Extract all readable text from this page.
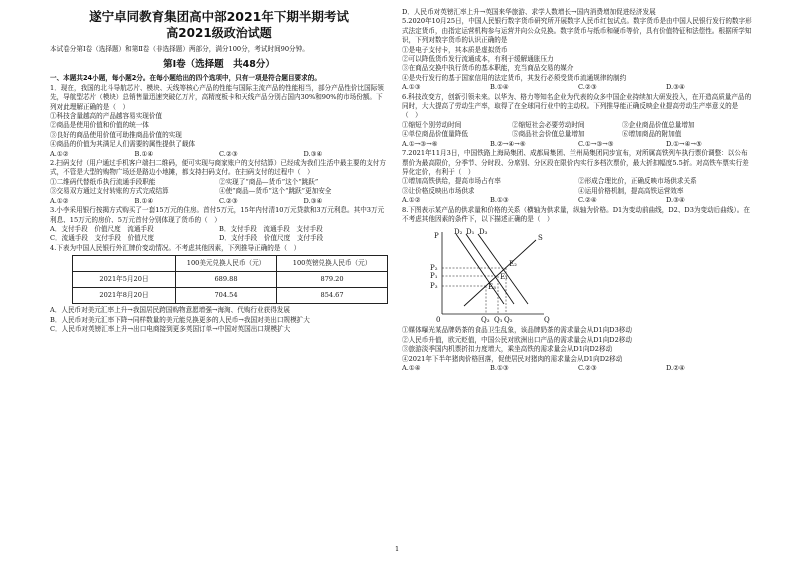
遂宁卓同教育集团高中部2021年下期半期考试
高2021级政治试题

本试卷分第Ⅰ卷（选择题）和第Ⅱ卷（非选择题）两部分，满分100分，考试时间90分钟。

第Ⅰ卷（选择题　共48分）

一、本题共24小题，每小题2分。在每小题给出的四个选项中，只有一项是符合题目要求的。

1．现在，我国的北斗导航芯片、模块、天线等核心产品的性能与国际主流产品的性能相当，部分产品性价比国际领先，导航型芯片（模块）总销售量迅速突破亿万片，高精度板卡和天线产品分别占国内30%和90%的市场份额。下列对此理解正确的是（　）

①科技含量越高的产品越容易实现价值

②商品是使用价值和价值的统一体

③良好的商品使用价值可助推商品价值的实现

④商品的价值为其满足人们需要的属性提供了载体

A.①②	B.①④	C.②③	D.③④

2.扫码支付（用户通过手机客户端扫二维码，便可实现与商家账户的支付结算）已经成为我们生活中最主要的支付方式，不管是大型的购物广场还是路边小地摊，都支持扫码支付。在扫码支付的过程中（　）

①二维码代替纸币执行流通手段职能	②实现了“商品—货币”这个“跳跃”
③交易双方通过支付转账的方式完成结算	④使“商品—货币”这个“跳跃”更加安全
A.①②	B.①④	C.②③	D.③④

3.小李采用银行按揭方式购买了一套15万元的住房。首付5万元，15年内付清10万元贷款和3万元利息。其中3万元利息、15万元的房价、5万元首付分别体现了货币的（　）

A．支付手段　价值尺度　流通手段	B．支付手段　流通手段　支付手段
C．流通手段　支付手段　价值尺度	D．支付手段　价值尺度　支付手段

4.下表为中国人民银行外汇牌价变动情况。不考虑其他因素，下列推导正确的是（　）

	100美元兑换人民币（元）	100英镑兑换人民币（元）
2021年5月20日	689.88	879.20
2021年8月20日	704.54	854.67

A．人民币对美元汇率上升→我国居民跨国购物意愿增强→海淘、代购行业获得发展

B．人民币对美元汇率下降→同样数量的美元能兑换更多的人民币→我国对美出口规模扩大

C．人民币对英镑汇率上升→出口电商接到更多英国订单→中国对英国出口规模扩大

D．人民币对英镑汇率上升→英国来华旅游、求学人数增长→国内消费增加促进经济发展

5.2020年10月25日，中国人民银行数字货币研究所开展数字人民币红包试点。数字货币是由中国人民银行发行的数字形式法定货币，由指定运营机构参与运营并向公众兑换。数字货币与纸币和硬币等价，具有价值特征和法偿性。根据所学知识，下列对数字货币的认识正确的是

①是电子支付卡，其本质是虚拟货币

②可以降低货币发行流通成本，有利于缓解通胀压力

③在商品交换中执行货币的基本职能，充当商品交易的媒介

④是央行发行的基于国家信用的法定货币，其发行必须受货币流通规律的制约

A.①③	B.①④	C.②③	D.③④

6.科技改变方，创新引领未来。以华为、格力等知名企业为代表的众多中国企业持续加大研发投入，在开造高质量产品的同时，大大提高了劳动生产率，取得了在全球同行业中的主动权。下列推导能正确反映企业提高劳动生产率意义的是（　）

①缩短个别劳动时间	②缩短社会必要劳动时间	③企业商品价值总量增加
④单位商品价值量降低	⑤商品社会价值总量增加	⑥增加商品的附加值
A.①→③→⑥	B.②→④→⑥	C.①→③→⑤	D.①→④→⑤

7.2021年11月3日，中国铁路上海局集团、成都局集团、兰州局集团同步宣布，对所属高铁列车执行票价调整：以公布票价为最高限价，分季节、分时段、分席别、分区段在限价内实行多档次票价，最大折扣幅度5.5折。对高铁车票实行差异化定价，有利于（　）

①增加高铁供给，提高市场占有率	②形成合理比价，正确反映市场供求关系
③让价格反映出市场供求	④运用价格机制，提高高铁运营效率
A.①②	B.①③	C.②④	D.③④

8.下图表示某产品的供求量和价格的关系（横轴为供求量，纵轴为价格。D1为变动前曲线，D2、D3为变动后曲线）。在不考虑其他因素的条件下，以下描述正确的是（　）

P D₂ D₁ D₃
S
E₂
E₁
E₃
P₂
P₁
P₃
0	Q₃ Q₁ Q₂	Q

①媒体曝光某品牌奶茶的食品卫生乱象，该品牌奶茶的需求量会从D1向D3移动

②人民币升值，欧元贬值，中国公民对欧洲出口产品的需求量会从D1向D2移动

③旅游淡季国内机票折扣力度增大，乘坐高铁的需求量会从D1向D2移动

④2021年下半年猪肉价格回落，促使居民对猪肉的需求量会从D1向D2移动

A.①④	B.①③	C.②③	D.②④
1
